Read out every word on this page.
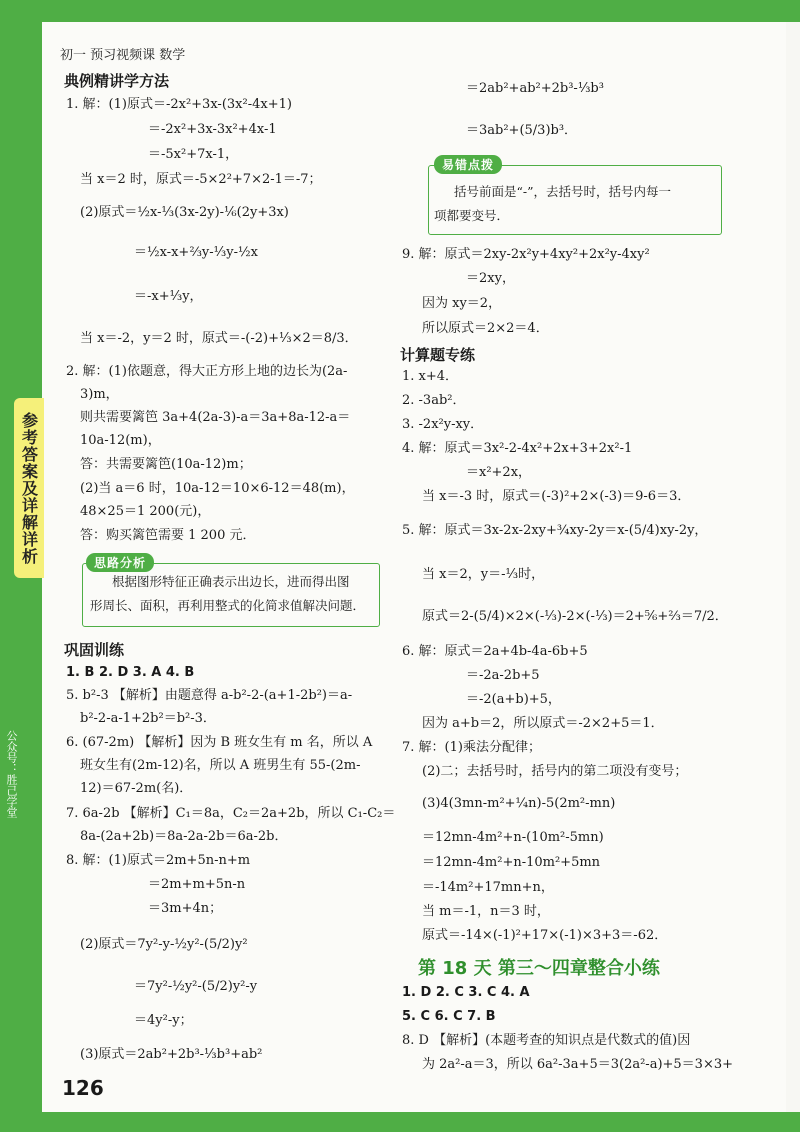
参考答案及详解详析
公众号：胜己学堂
初一 预习视频课 数学
典例精讲学方法
1. 解：(1)原式＝-2x²+3x-(3x²-4x+1)
＝-2x²+3x-3x²+4x-1
＝-5x²+7x-1，
当 x＝2 时，原式＝-5×2²+7×2-1＝-7；
(2)原式＝½x-⅓(3x-2y)-⅙(2y+3x)
＝½x-x+⅔y-⅓y-½x
＝-x+⅓y，
当 x＝-2，y＝2 时，原式＝-(-2)+⅓×2＝8/3．
2. 解：(1)依题意，得大正方形上地的边长为(2a-
3)m，
则共需要篱笆 3a+4(2a-3)-a＝3a+8a-12-a＝
10a-12(m)，
答：共需要篱笆(10a-12)m；
(2)当 a＝6 时，10a-12＝10×6-12＝48(m)，
48×25＝1 200(元)，
答：购买篱笆需要 1 200 元．
思路分析
根据图形特征正确表示出边长，进而得出图
形周长、面积，再利用整式的化简求值解决问题．
巩固训练
1. B 2. D 3. A 4. B
5. b²-3 【解析】由题意得 a-b²-2-(a+1-2b²)＝a-
b²-2-a-1+2b²＝b²-3．
6. (67-2m) 【解析】因为 B 班女生有 m 名，所以 A
班女生有(2m-12)名，所以 A 班男生有 55-(2m-
12)＝67-2m(名)．
7. 6a-2b 【解析】C₁＝8a，C₂＝2a+2b，所以 C₁-C₂＝
8a-(2a+2b)＝8a-2a-2b＝6a-2b．
8. 解：(1)原式＝2m+5n-n+m
＝2m+m+5n-n
＝3m+4n；
(2)原式＝7y²-y-½y²-(5/2)y²
＝7y²-½y²-(5/2)y²-y
＝4y²-y；
(3)原式＝2ab²+2b³-⅓b³+ab²
126
＝2ab²+ab²+2b³-⅓b³
＝3ab²+(5/3)b³．
易错点拨
括号前面是“-”，去括号时，括号内每一
项都要变号．
9. 解：原式＝2xy-2x²y+4xy²+2x²y-4xy²
＝2xy，
因为 xy＝2，
所以原式＝2×2＝4．
计算题专练
1. x+4．
2. -3ab²．
3. -2x²y-xy．
4. 解：原式＝3x²-2-4x²+2x+3+2x²-1
＝x²+2x，
当 x＝-3 时，原式＝(-3)²+2×(-3)＝9-6＝3．
5. 解：原式＝3x-2x-2xy+¾xy-2y＝x-(5/4)xy-2y，
当 x＝2，y＝-⅓时，
原式＝2-(5/4)×2×(-⅓)-2×(-⅓)＝2+⅚+⅔＝7/2．
6. 解：原式＝2a+4b-4a-6b+5
＝-2a-2b+5
＝-2(a+b)+5，
因为 a+b＝2，所以原式＝-2×2+5＝1．
7. 解：(1)乘法分配律；
(2)二；去括号时，括号内的第二项没有变号；
(3)4(3mn-m²+¼n)-5(2m²-mn)
＝12mn-4m²+n-(10m²-5mn)
＝12mn-4m²+n-10m²+5mn
＝-14m²+17mn+n，
当 m＝-1，n＝3 时，
原式＝-14×(-1)²+17×(-1)×3+3＝-62．
第 18 天 第三～四章整合小练
1. D 2. C 3. C 4. A
5. C 6. C 7. B
8. D 【解析】(本题考查的知识点是代数式的值)因
为 2a²-a＝3，所以 6a²-3a+5＝3(2a²-a)+5＝3×3+
